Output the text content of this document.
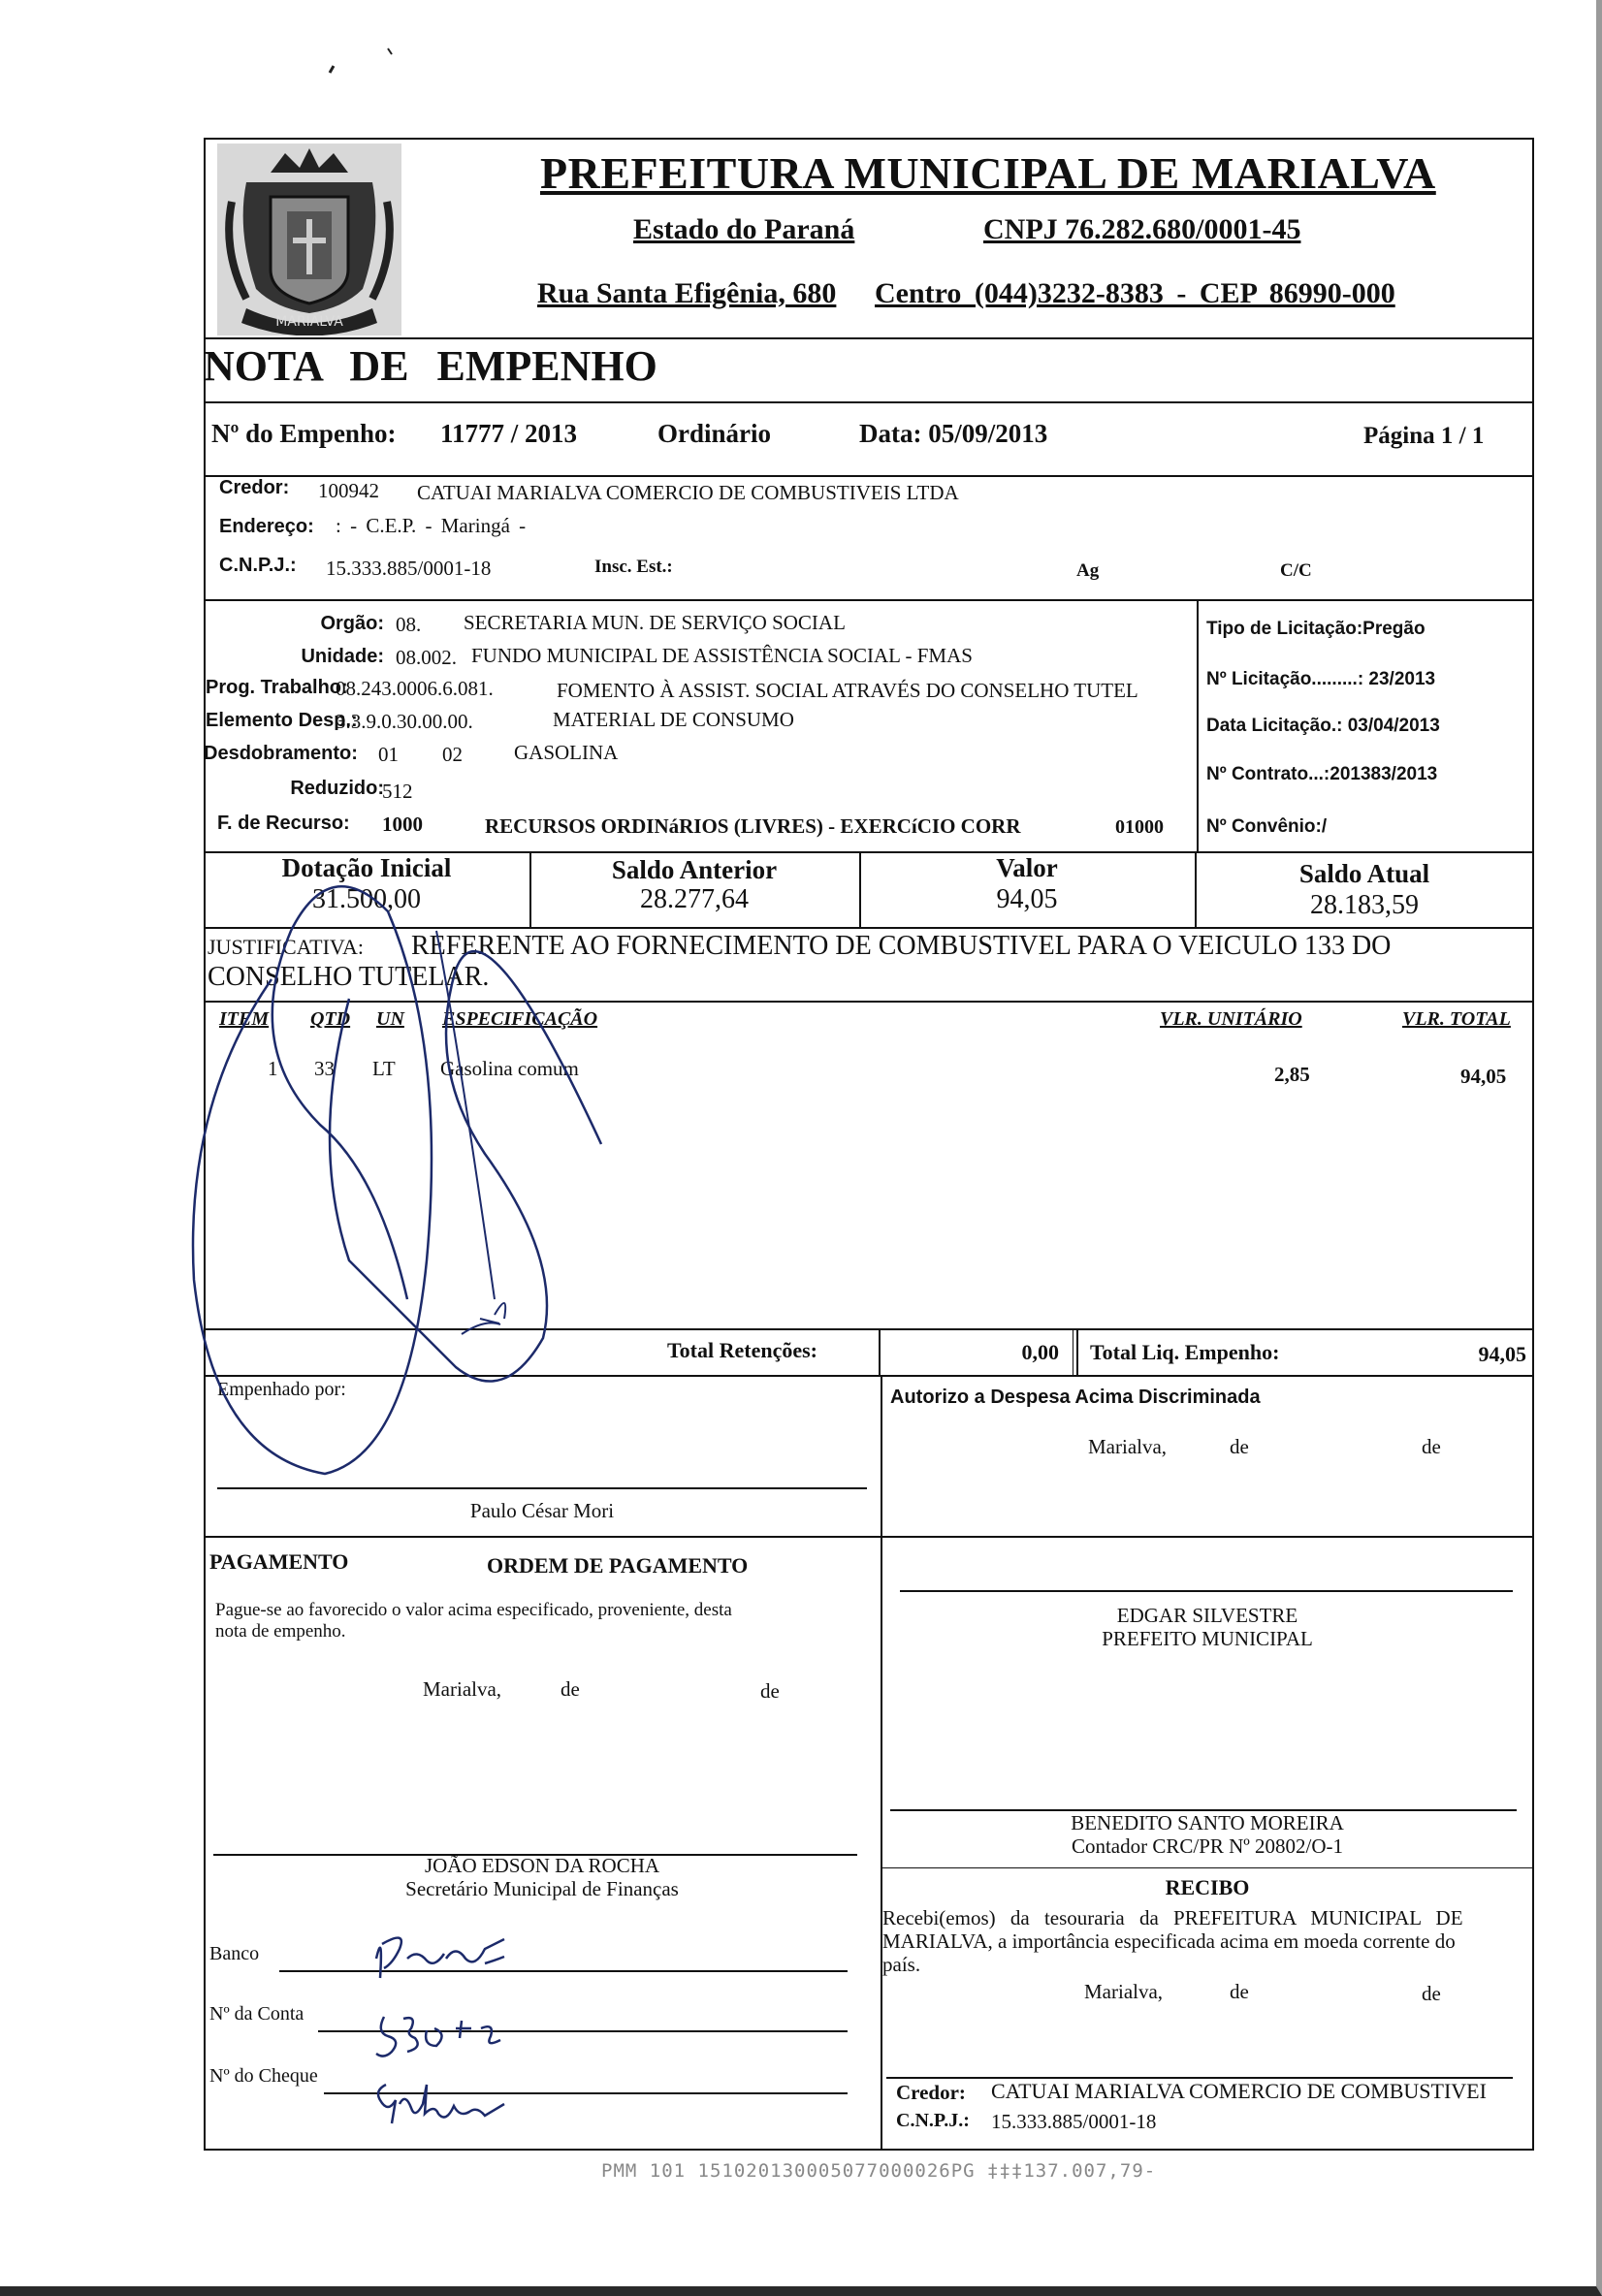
MARIALVA
PREFEITURA MUNICIPAL DE MARIALVA
Estado do Paraná	CNPJ 76.282.680/0001-45
Rua Santa Efigênia, 680 Centro (044)3232-8383 - CEP 86990-000
NOTA DE EMPENHO
Nº do Empenho: 11777 / 2013	Ordinário	Data: 05/09/2013	Página 1 / 1
Credor: 100942 CATUAI MARIALVA COMERCIO DE COMBUSTIVEIS LTDA
Endereço: : - C.E.P. - Maringá -
C.N.P.J.: 15.333.885/0001-18	Insc. Est.:	Ag	C/C
Orgão: 08. SECRETARIA MUN. DE SERVIÇO SOCIAL
Unidade: 08.002. FUNDO MUNICIPAL DE ASSISTÊNCIA SOCIAL - FMAS
Prog. Trabalho:
08.243.0006.6.081.	FOMENTO À ASSIST. SOCIAL ATRAVÉS DO CONSELHO TUTEL
Elemento Desp.:
3.3.9.0.30.00.00.	MATERIAL DE CONSUMO
Desdobramento: 01 02	GASOLINA
Reduzido:
512
F. de Recurso: 1000	RECURSOS ORDINáRIOS (LIVRES) - EXERCíCIO CORR	01000
Tipo de Licitação:Pregão
Nº Licitação.........: 23/2013
Data Licitação.: 03/04/2013
Nº Contrato...:201383/2013
Nº Convênio:/
Dotação Inicial
31.500,00
Saldo Anterior
28.277,64
Valor
94,05
Saldo Atual
28.183,59
JUSTIFICATIVA: REFERENTE AO FORNECIMENTO DE COMBUSTIVEL PARA O VEICULO 133 DO
CONSELHO TUTELAR.
ITEM QTD UN ESPECIFICAÇÃO	VLR. UNITÁRIO	VLR. TOTAL
1 33 LT Gasolina comum	2,85	94,05
Total Retenções:	0,00 Total Liq. Empenho:	94,05
Empenhado por:
Paulo César Mori
Autorizo a Despesa Acima Discriminada
Marialva,	de	de
PAGAMENTO	ORDEM DE PAGAMENTO
Pague-se ao favorecido o valor acima especificado, proveniente, desta
nota de empenho.
Marialva,	de	de
JOÃO EDSON DA ROCHA
Secretário Municipal de Finanças
EDGAR SILVESTRE
PREFEITO MUNICIPAL
BENEDITO SANTO MOREIRA
Contador CRC/PR Nº 20802/O-1
RECIBO
Recebi(emos) da tesouraria da PREFEITURA MUNICIPAL DE
MARIALVA, a importância especificada acima em moeda corrente do
país.
Marialva,	de	de
Credor: CATUAI MARIALVA COMERCIO DE COMBUSTIVEI
C.N.P.J.: 15.333.885/0001-18
Banco
Nº da Conta
Nº do Cheque
PMM 101 151020130005077000026PG ‡‡‡137.007,79-
